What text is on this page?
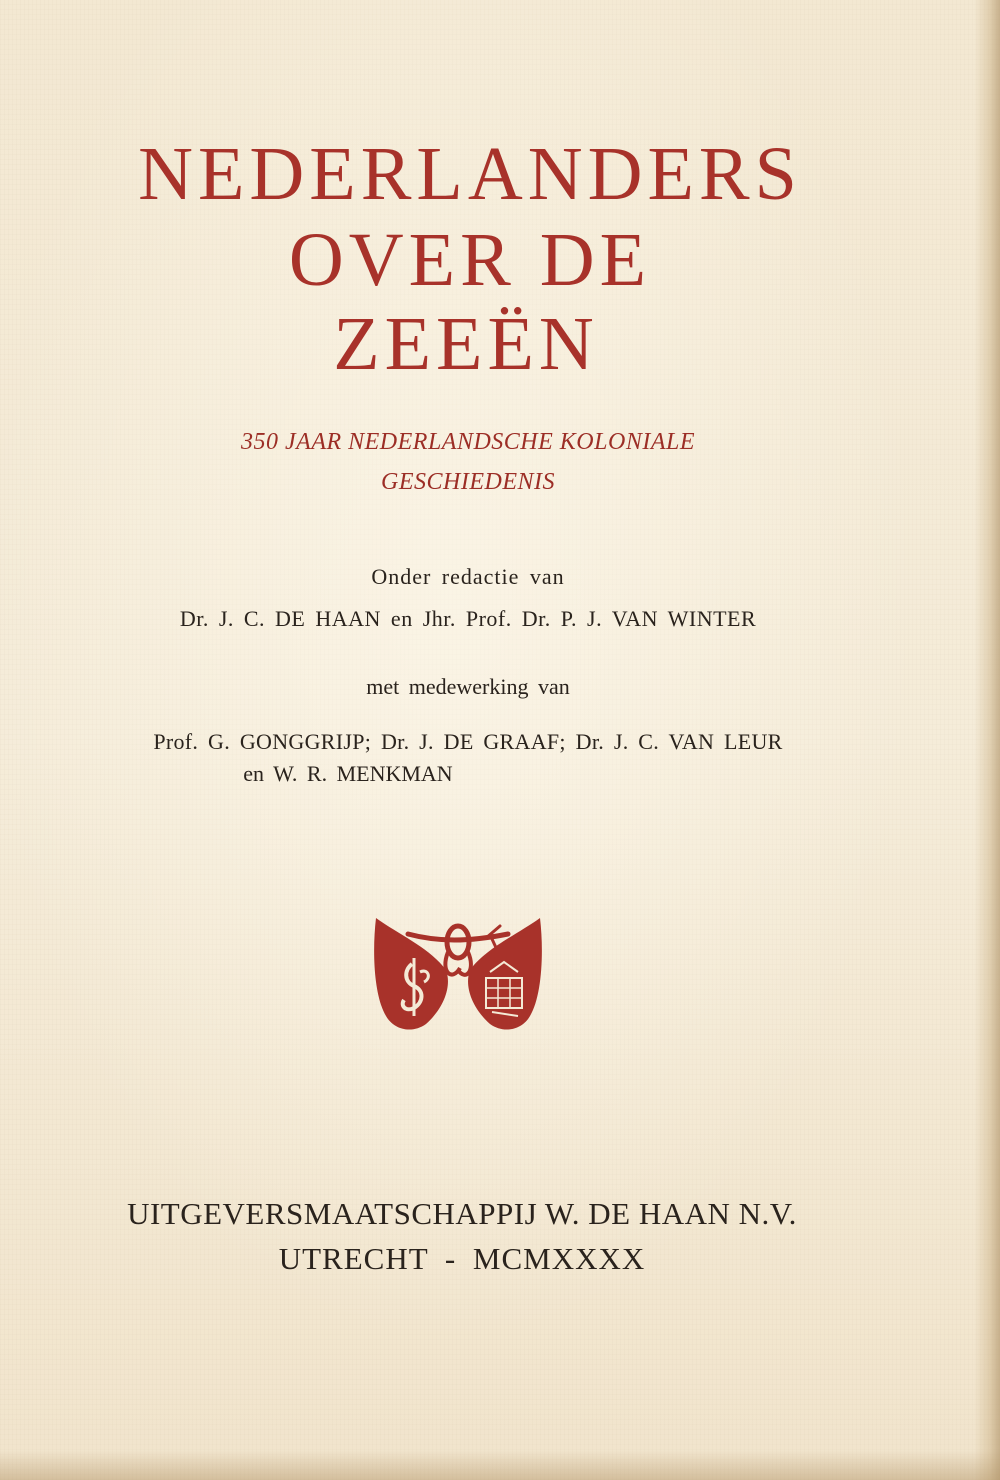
NEDERLANDERS
OVER DE
ZEEËN
350 JAAR NEDERLANDSCHE KOLONIALE
GESCHIEDENIS
Onder redactie van
Dr. J. C. DE HAAN en Jhr. Prof. Dr. P. J. VAN WINTER
met medewerking van
Prof. G. GONGGRIJP; Dr. J. DE GRAAF; Dr. J. C. VAN LEUR
en W. R. MENKMAN
UITGEVERSMAATSCHAPPIJ W. DE HAAN N.V.
UTRECHT - MCMXXXX
